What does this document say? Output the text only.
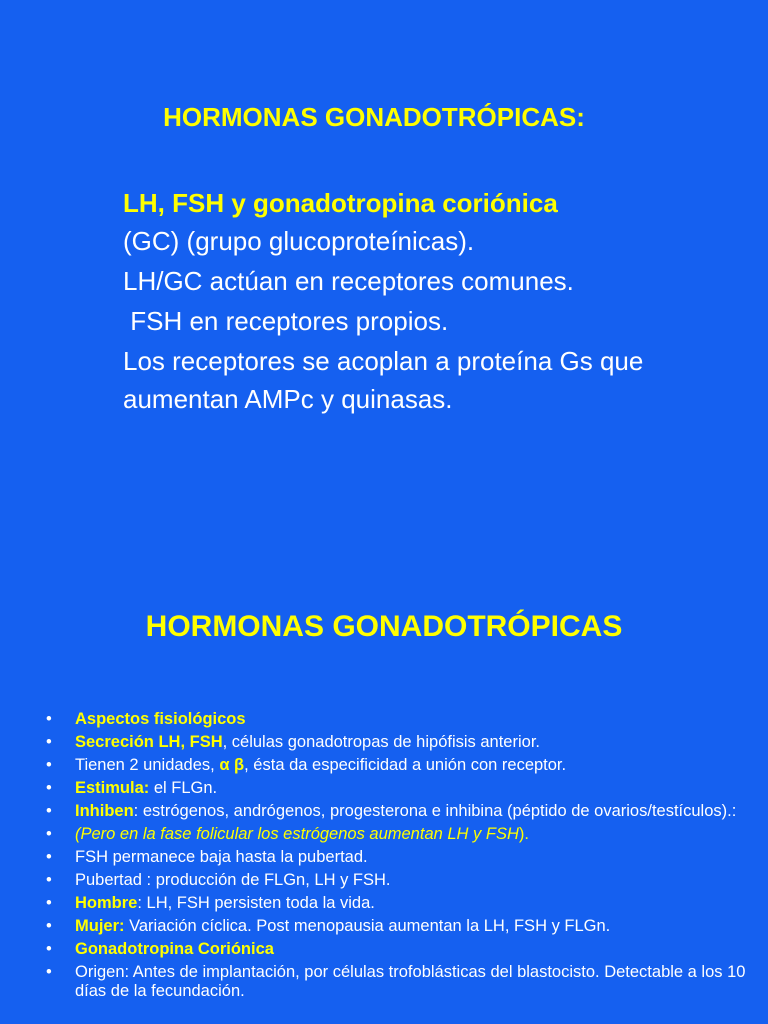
HORMONAS GONADOTRÓPICAS:

LH, FSH y gonadotropina coriónica
(GC) (grupo glucoproteínicas).

LH/GC actúan en receptores comunes.

FSH en receptores propios.

Los receptores se acoplan a proteína Gs que aumentan AMPc y quinasas.

HORMONAS GONADOTRÓPICAS
• Aspectos fisiológicos
• Secreción LH, FSH, células gonadotropas de hipófisis anterior.
• Tienen 2 unidades, α β, ésta da especificidad a unión con receptor.
• Estimula: el FLGn.
• Inhiben: estrógenos, andrógenos, progesterona e inhibina (péptido de ovarios/testículos).:
• (Pero en la fase folicular los estrógenos aumentan LH y FSH).
• FSH permanece baja hasta la pubertad.
• Pubertad : producción de FLGn, LH y FSH.
• Hombre: LH, FSH persisten toda la vida.
• Mujer: Variación cíclica. Post menopausia aumentan la LH, FSH y FLGn.
• Gonadotropina Coriónica
• Origen: Antes de implantación, por células trofoblásticas del blastocisto. Detectable a los 10 días de la fecundación.
